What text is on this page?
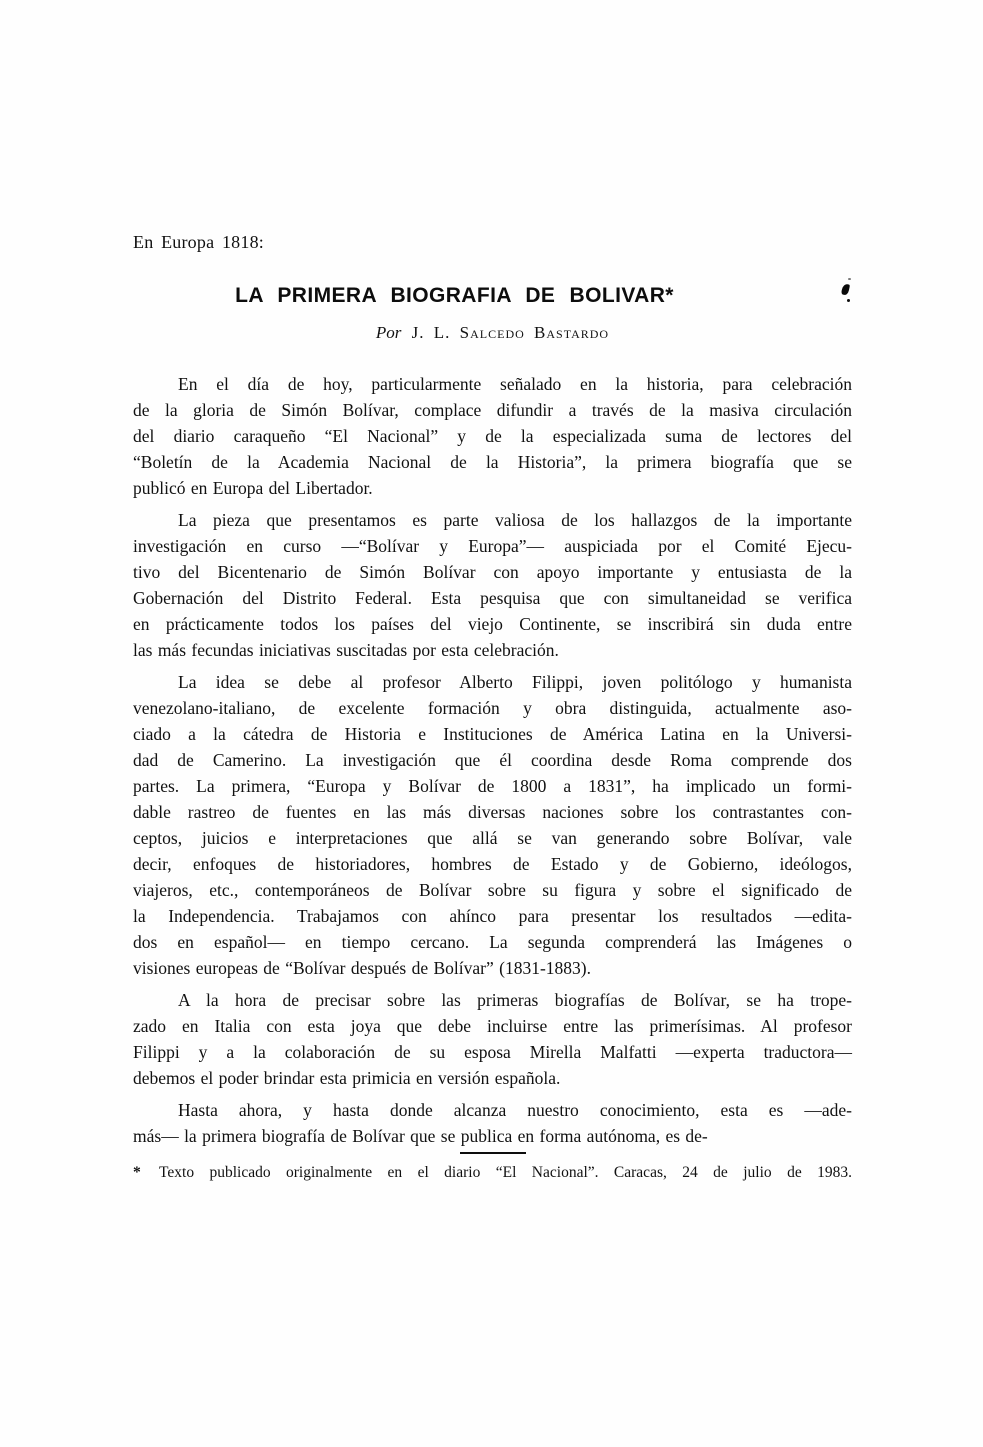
En Europa 1818:
LA PRIMERA BIOGRAFIA DE BOLIVAR*
Por J. L. Salcedo Bastardo

En el día de hoy, particularmente señalado en la historia, para celebración
de la gloria de Simón Bolívar, complace difundir a través de la masiva circulación
del diario caraqueño “El Nacional” y de la especializada suma de lectores del
“Boletín de la Academia Nacional de la Historia”, la primera biografía que se
publicó en Europa del Libertador.

La pieza que presentamos es parte valiosa de los hallazgos de la importante
investigación en curso —“Bolívar y Europa”— auspiciada por el Comité Ejecu-
tivo del Bicentenario de Simón Bolívar con apoyo importante y entusiasta de la
Gobernación del Distrito Federal. Esta pesquisa que con simultaneidad se verifica
en prácticamente todos los países del viejo Continente, se inscribirá sin duda entre
las más fecundas iniciativas suscitadas por esta celebración.

La idea se debe al profesor Alberto Filippi, joven politólogo y humanista
venezolano-italiano, de excelente formación y obra distinguida, actualmente aso-
ciado a la cátedra de Historia e Instituciones de América Latina en la Universi-
dad de Camerino. La investigación que él coordina desde Roma comprende dos
partes. La primera, “Europa y Bolívar de 1800 a 1831”, ha implicado un formi-
dable rastreo de fuentes en las más diversas naciones sobre los contrastantes con-
ceptos, juicios e interpretaciones que allá se van generando sobre Bolívar, vale
decir, enfoques de historiadores, hombres de Estado y de Gobierno, ideólogos,
viajeros, etc., contemporáneos de Bolívar sobre su figura y sobre el significado de
la Independencia. Trabajamos con ahínco para presentar los resultados —edita-
dos en español— en tiempo cercano. La segunda comprenderá las Imágenes o
visiones europeas de “Bolívar después de Bolívar” (1831-1883).

A la hora de precisar sobre las primeras biografías de Bolívar, se ha trope-
zado en Italia con esta joya que debe incluirse entre las primerísimas. Al profesor
Filippi y a la colaboración de su esposa Mirella Malfatti —experta traductora—
debemos el poder brindar esta primicia en versión española.

Hasta ahora, y hasta donde alcanza nuestro conocimiento, esta es —ade-
más— la primera biografía de Bolívar que se publica en forma autónoma, es de-

*	Texto publicado originalmente en el diario “El Nacional”. Caracas, 24 de julio de 1983.
